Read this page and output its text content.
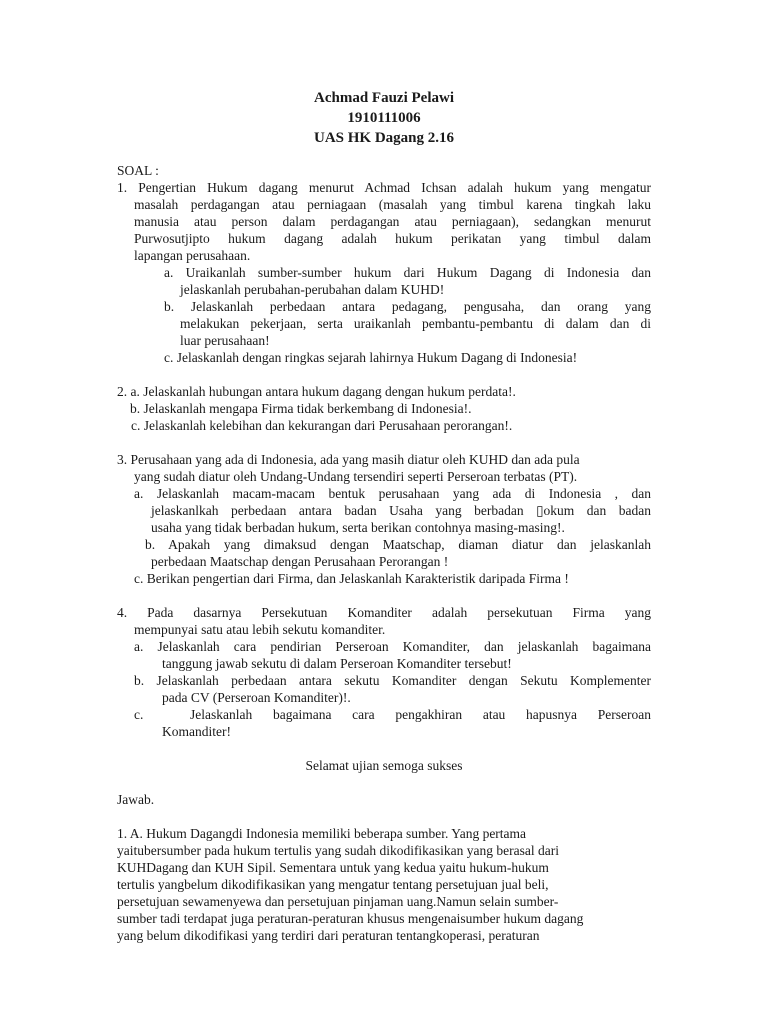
Achmad Fauzi Pelawi
1910111006
UAS HK Dagang 2.16
SOAL :
1. Pengertian Hukum dagang menurut Achmad Ichsan adalah hukum yang mengatur
masalah perdagangan atau perniagaan (masalah yang timbul karena tingkah laku
manusia atau person dalam perdagangan atau perniagaan), sedangkan menurut
Purwosutjipto hukum dagang adalah hukum perikatan yang timbul dalam
lapangan perusahaan.
a. Uraikanlah sumber-sumber hukum dari Hukum Dagang di Indonesia dan
jelaskanlah perubahan-perubahan dalam KUHD!
b. Jelaskanlah perbedaan antara pedagang, pengusaha, dan orang yang
melakukan pekerjaan, serta uraikanlah pembantu-pembantu di dalam dan di
luar perusahaan!
c. Jelaskanlah dengan ringkas sejarah lahirnya Hukum Dagang di Indonesia!
2. a. Jelaskanlah hubungan antara hukum dagang dengan hukum perdata!.
b. Jelaskanlah mengapa Firma tidak berkembang di Indonesia!.
c. Jelaskanlah kelebihan dan kekurangan dari Perusahaan perorangan!.
3. Perusahaan yang ada di Indonesia, ada yang masih diatur oleh KUHD dan ada pula
yang sudah diatur oleh Undang-Undang tersendiri seperti Perseroan terbatas (PT).
a. Jelaskanlah macam-macam bentuk perusahaan yang ada di Indonesia , dan
jelaskanlkah perbedaan antara badan Usaha yang berbadan ▯okum dan badan
usaha yang tidak berbadan hukum, serta berikan contohnya masing-masing!.
b. Apakah yang dimaksud dengan Maatschap, diaman diatur dan jelaskanlah
perbedaan Maatschap dengan Perusahaan Perorangan !
c. Berikan pengertian dari Firma, dan Jelaskanlah Karakteristik daripada Firma !
4. Pada dasarnya Persekutuan Komanditer adalah persekutuan Firma yang
mempunyai satu atau lebih sekutu komanditer.
a. Jelaskanlah cara pendirian Perseroan Komanditer, dan jelaskanlah bagaimana
tanggung jawab sekutu di dalam Perseroan Komanditer tersebut!
b. Jelaskanlah perbedaan antara sekutu Komanditer dengan Sekutu Komplementer
pada CV (Perseroan Komanditer)!.
c.	Jelaskanlah bagaimana cara pengakhiran atau hapusnya Perseroan
Komanditer!
Selamat ujian semoga sukses
Jawab.
1. A. Hukum Dagangdi Indonesia memiliki beberapa sumber. Yang pertama
yaitubersumber pada hukum tertulis yang sudah dikodifikasikan yang berasal dari
KUHDagang dan KUH Sipil. Sementara untuk yang kedua yaitu hukum-hukum
tertulis yangbelum dikodifikasikan yang mengatur tentang persetujuan jual beli,
persetujuan sewamenyewa dan persetujuan pinjaman uang.Namun selain sumber-
sumber tadi terdapat juga peraturan-peraturan khusus mengenaisumber hukum dagang
yang belum dikodifikasi yang terdiri dari peraturan tentangkoperasi, peraturan
